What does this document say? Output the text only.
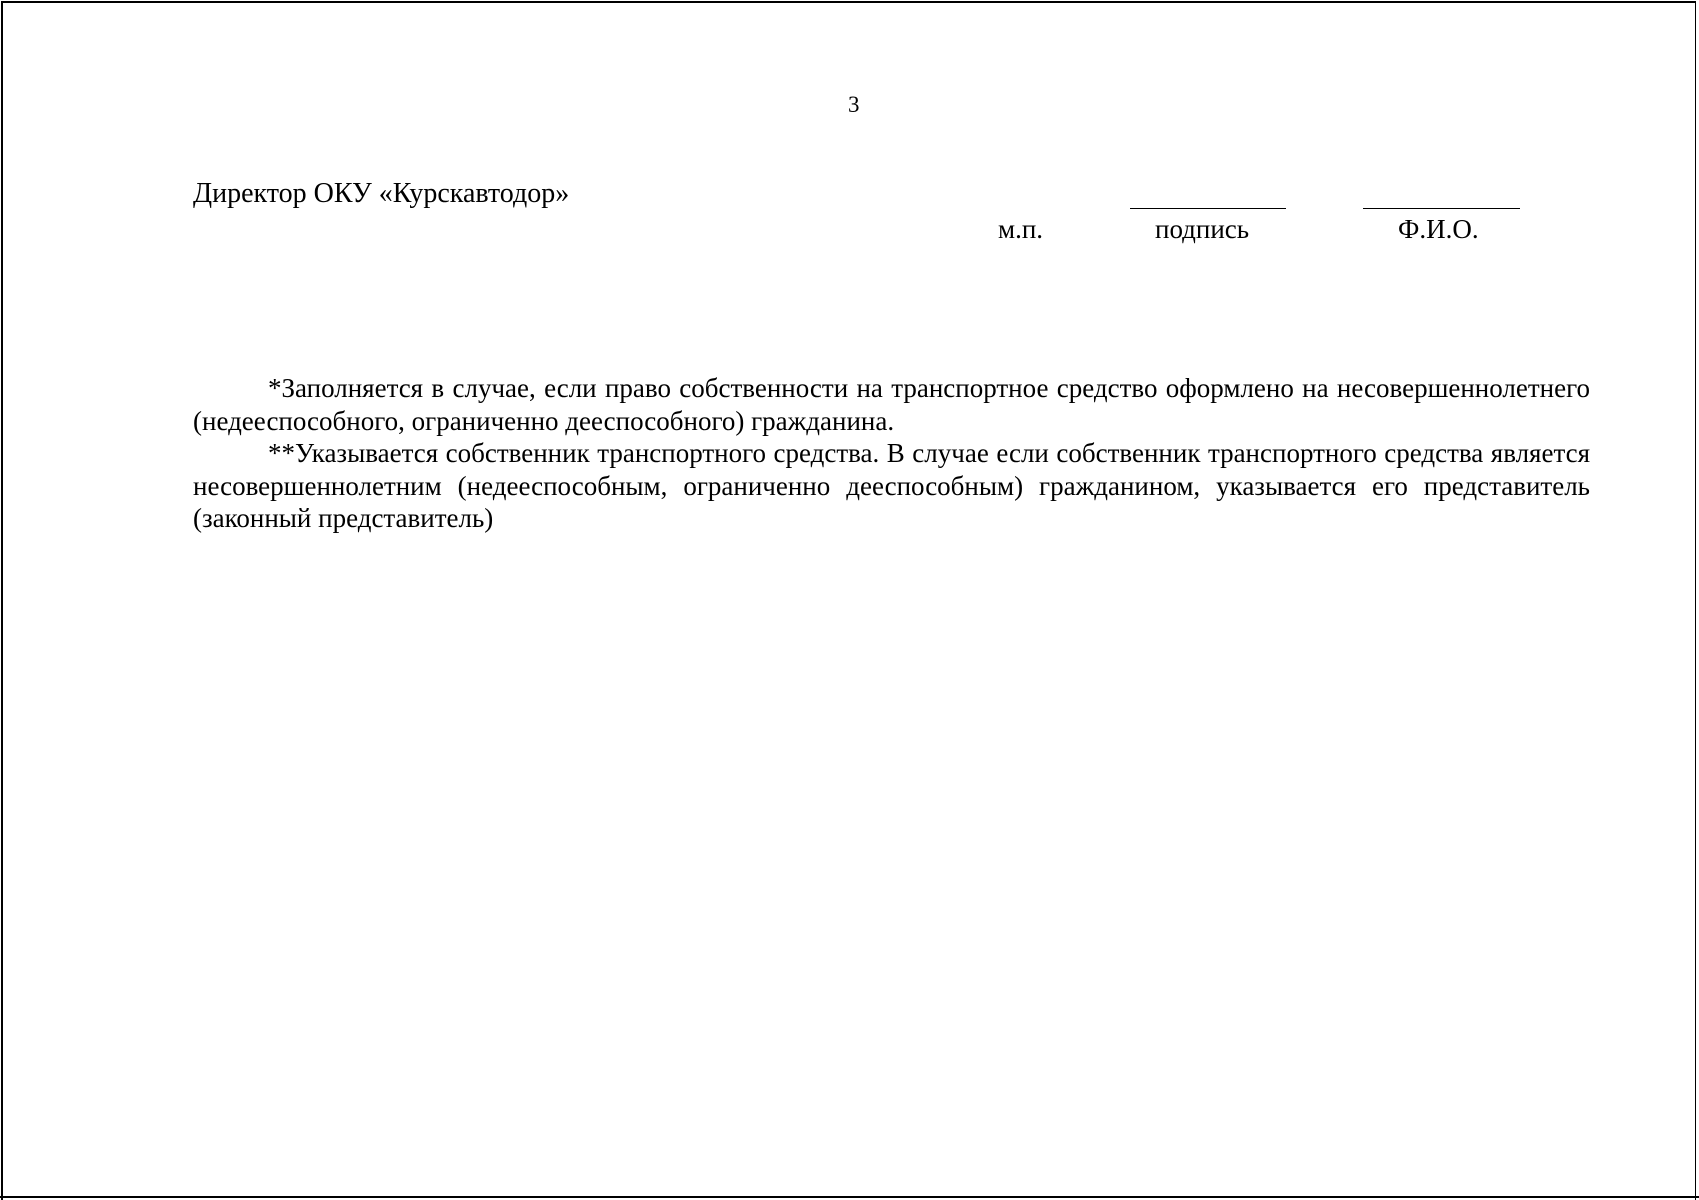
3
Директор ОКУ «Курскавтодор»
м.п.	подпись	Ф.И.О.

*Заполняется в случае, если право собственности на транспортное средство оформлено на несовершеннолетнего (недееспособного, ограниченно дееспособного) гражданина.

**Указывается собственник транспортного средства. В случае если собственник транспортного средства является несовершеннолетним (недееспособным, ограниченно дееспособным) гражданином, указывается его представитель (законный представитель)
